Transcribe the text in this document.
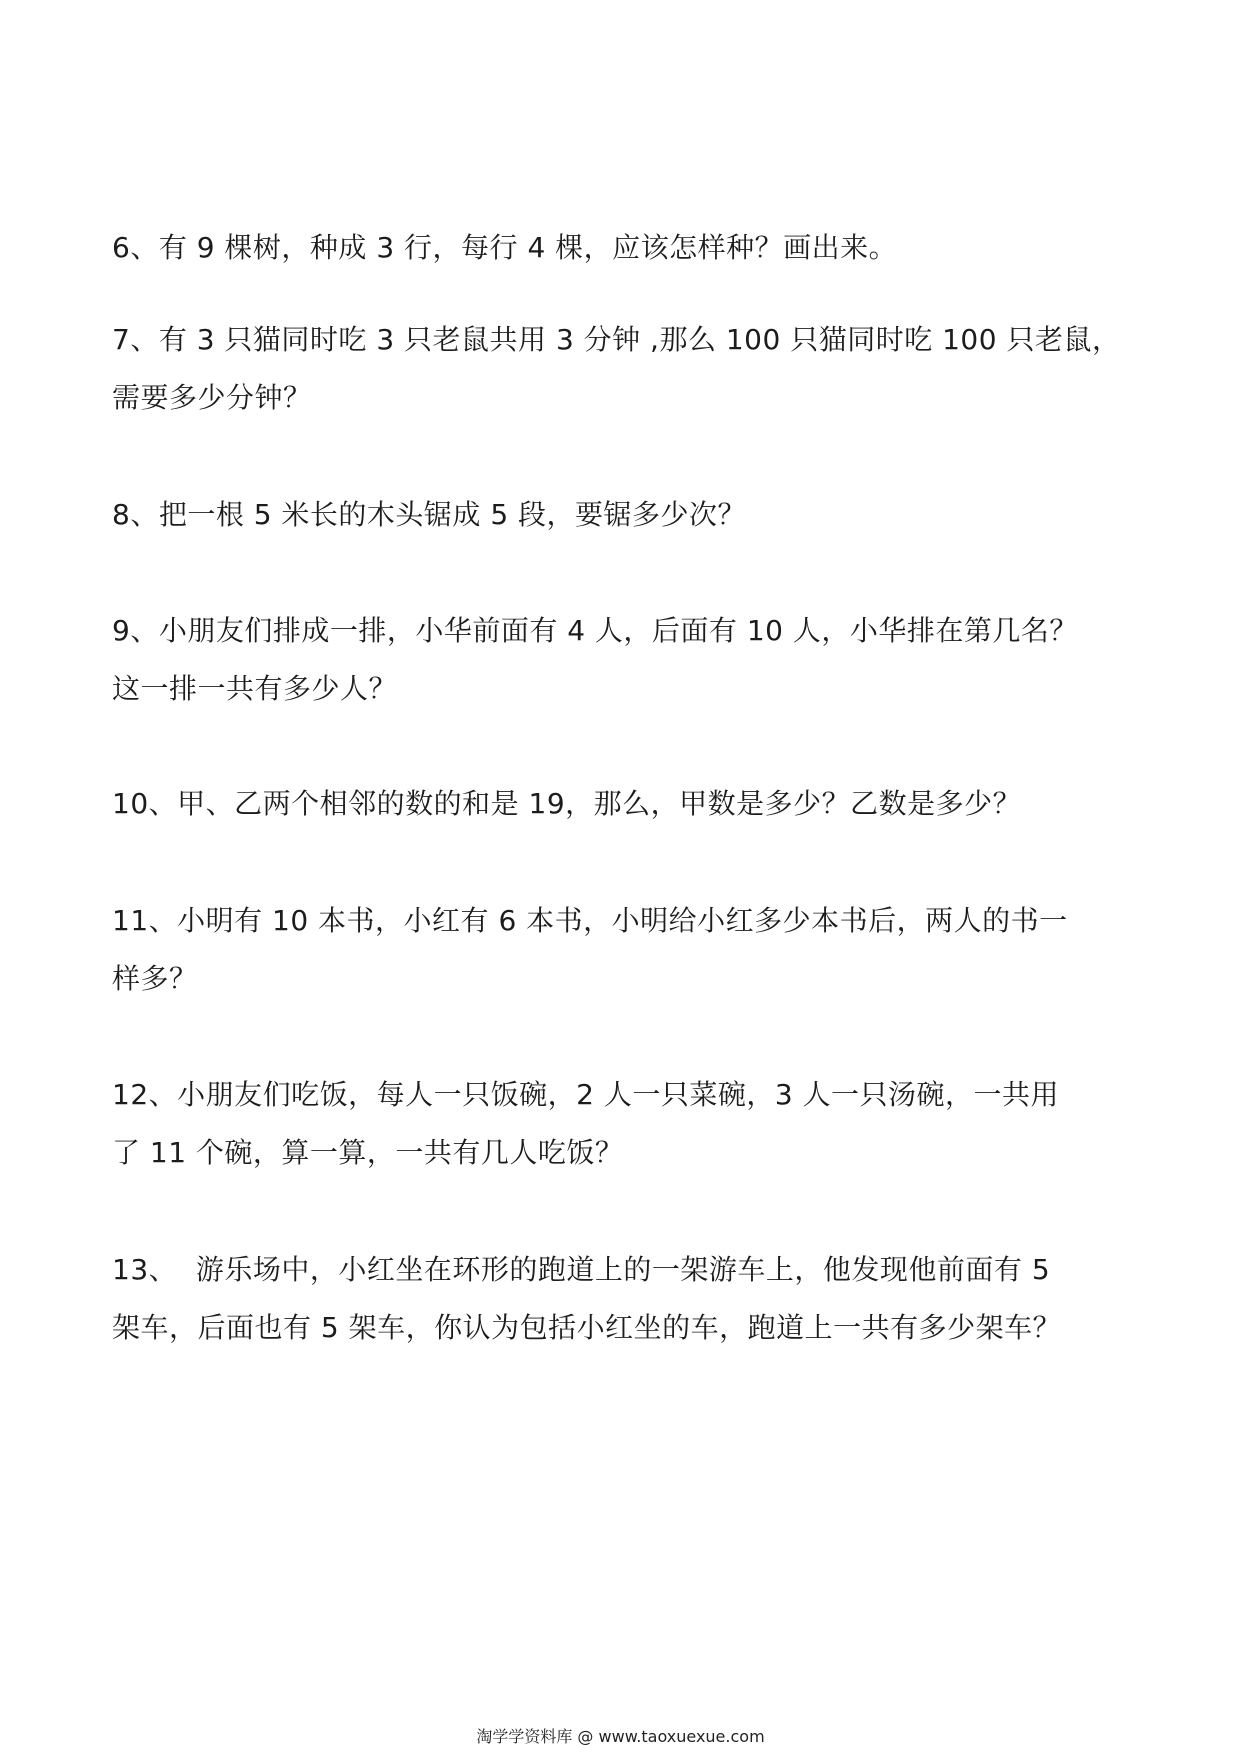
6、有 9 棵树，种成 3 行，每行 4 棵，应该怎样种？画出来。
7、有 3 只猫同时吃 3 只老鼠共用 3 分钟 ,那么 100 只猫同时吃 100 只老鼠，
需要多少分钟？
8、把一根 5 米长的木头锯成 5 段，要锯多少次？
9、小朋友们排成一排，小华前面有 4 人，后面有 10 人，小华排在第几名？
这一排一共有多少人？
10、甲、乙两个相邻的数的和是 19，那么，甲数是多少？乙数是多少？
11、小明有 10 本书，小红有 6 本书，小明给小红多少本书后，两人的书一
样多？
12、小朋友们吃饭，每人一只饭碗，2 人一只菜碗，3 人一只汤碗，一共用
了 11 个碗，算一算，一共有几人吃饭？
13、  游乐场中，小红坐在环形的跑道上的一架游车上，他发现他前面有 5
架车，后面也有 5 架车，你认为包括小红坐的车，跑道上一共有多少架车？
淘学学资料库 @ www.taoxuexue.com
